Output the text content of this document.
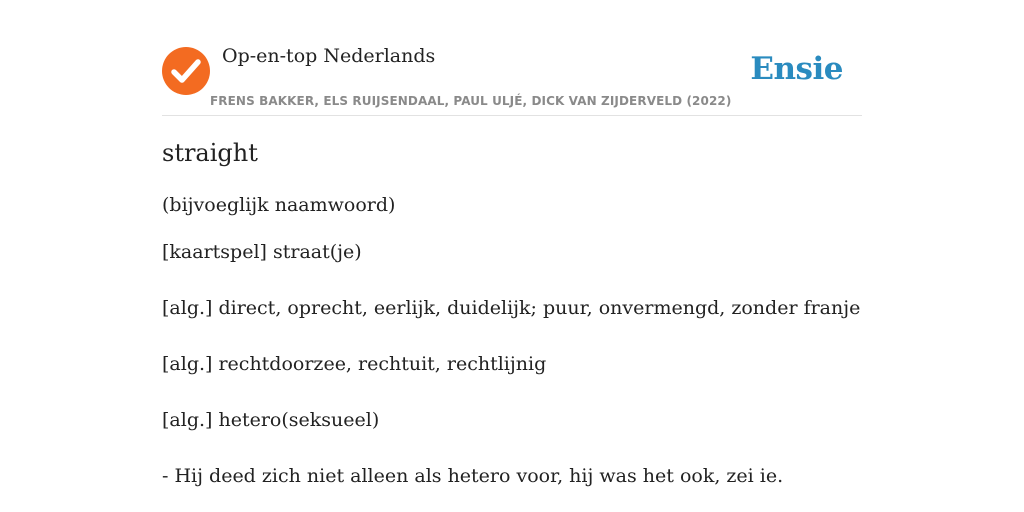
Op-en-top Nederlands
FRENS BAKKER, ELS RUIJSENDAAL, PAUL ULJÉ, DICK VAN ZIJDERVELD (2022)
Ensie
straight
(bijvoeglijk naamwoord)
[kaartspel] straat(je)
[alg.] direct, oprecht, eerlijk, duidelijk; puur, onvermengd, zonder franje
[alg.] rechtdoorzee, rechtuit, rechtlijnig
[alg.] hetero(seksueel)
- Hij deed zich niet alleen als hetero voor, hij was het ook, zei ie.
